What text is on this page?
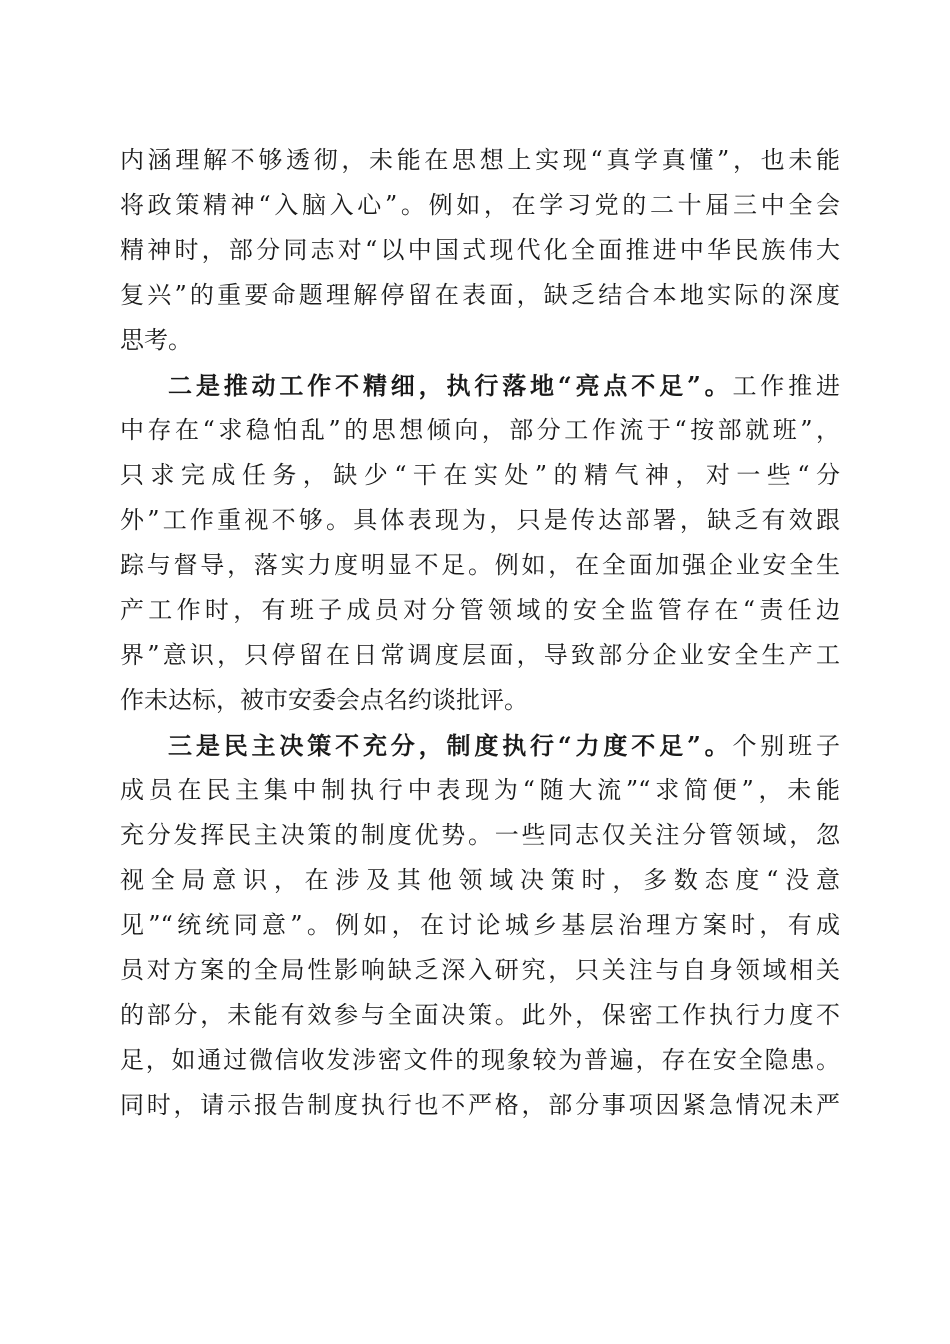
内涵理解不够透彻，未能在思想上实现“真学真懂”，也未能
将政策精神“入脑入心”。例如，在学习党的二十届三中全会
精神时，部分同志对“以中国式现代化全面推进中华民族伟大
复兴”的重要命题理解停留在表面，缺乏结合本地实际的深度
思考。
二是推动工作不精细，执行落地“亮点不足”。工作推进
中存在“求稳怕乱”的思想倾向，部分工作流于“按部就班”，
只求完成任务，缺少“干在实处”的精气神，对一些“分
外”工作重视不够。具体表现为，只是传达部署，缺乏有效跟
踪与督导，落实力度明显不足。例如，在全面加强企业安全生
产工作时，有班子成员对分管领域的安全监管存在“责任边
界”意识，只停留在日常调度层面，导致部分企业安全生产工
作未达标，被市安委会点名约谈批评。
三是民主决策不充分，制度执行“力度不足”。个别班子
成员在民主集中制执行中表现为“随大流”“求简便”，未能
充分发挥民主决策的制度优势。一些同志仅关注分管领域，忽
视全局意识，在涉及其他领域决策时，多数态度“没意
见”“统统同意”。例如，在讨论城乡基层治理方案时，有成
员对方案的全局性影响缺乏深入研究，只关注与自身领域相关
的部分，未能有效参与全面决策。此外，保密工作执行力度不
足，如通过微信收发涉密文件的现象较为普遍，存在安全隐患。
同时，请示报告制度执行也不严格，部分事项因紧急情况未严
